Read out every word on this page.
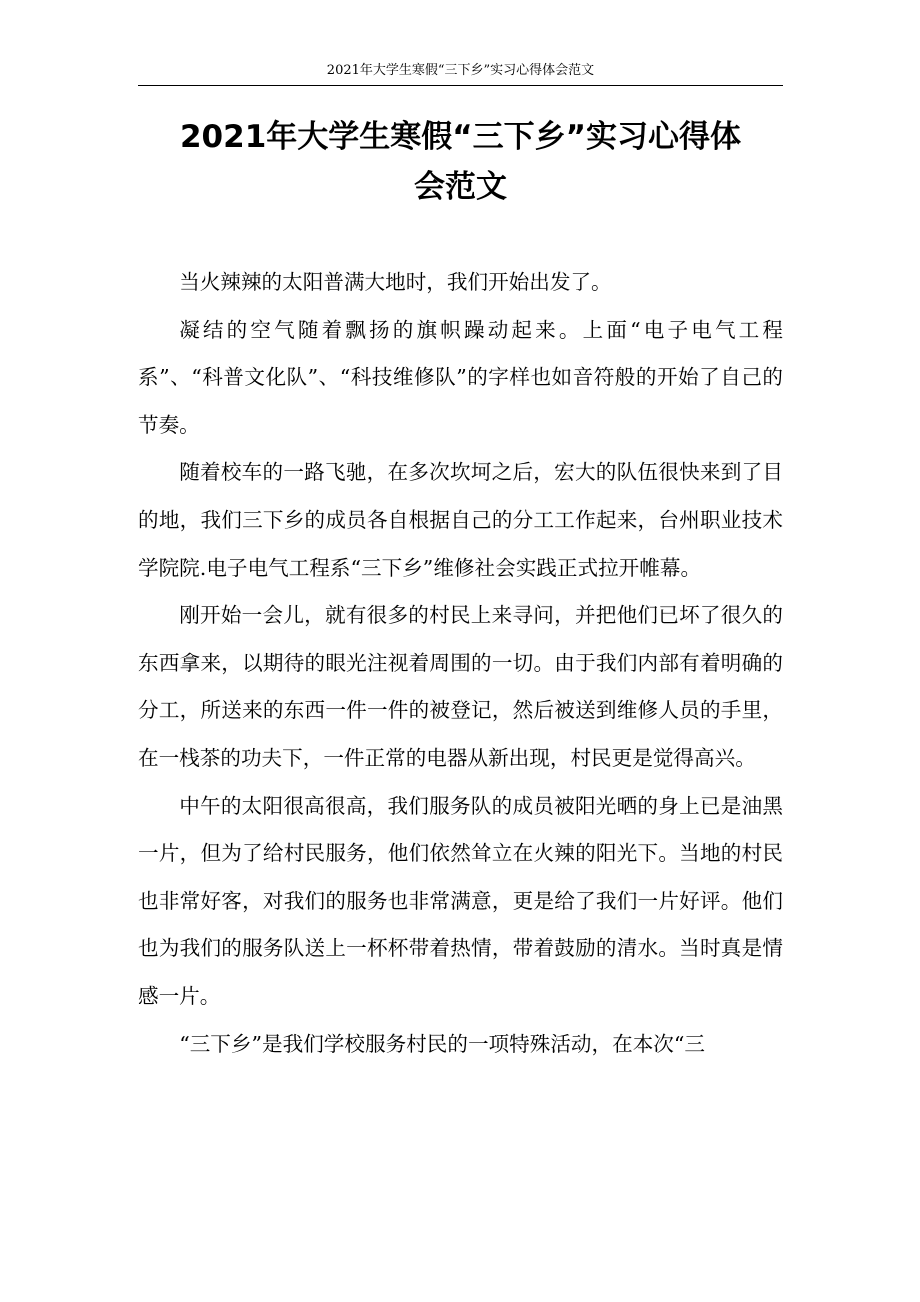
2021年大学生寒假“三下乡”实习心得体会范文
2021年大学生寒假“三下乡”实习心得体
会范文

当火辣辣的太阳普满大地时，我们开始出发了。

凝结的空气随着飘扬的旗帜躁动起来。上面“电子电气工程系”、“科普文化队”、“科技维修队”的字样也如音符般的开始了自己的节奏。

随着校车的一路飞驰，在多次坎坷之后，宏大的队伍很快来到了目的地，我们三下乡的成员各自根据自己的分工工作起来，台州职业技术学院院.电子电气工程系“三下乡”维修社会实践正式拉开帷幕。

刚开始一会儿，就有很多的村民上来寻问，并把他们已坏了很久的东西拿来，以期待的眼光注视着周围的一切。由于我们内部有着明确的分工，所送来的东西一件一件的被登记，然后被送到维修人员的手里，在一栈茶的功夫下，一件正常的电器从新出现，村民更是觉得高兴。

中午的太阳很高很高，我们服务队的成员被阳光晒的身上已是油黑一片，但为了给村民服务，他们依然耸立在火辣的阳光下。当地的村民也非常好客，对我们的服务也非常满意，更是给了我们一片好评。他们也为我们的服务队送上一杯杯带着热情，带着鼓励的清水。当时真是情感一片。

“三下乡”是我们学校服务村民的一项特殊活动，在本次“三
